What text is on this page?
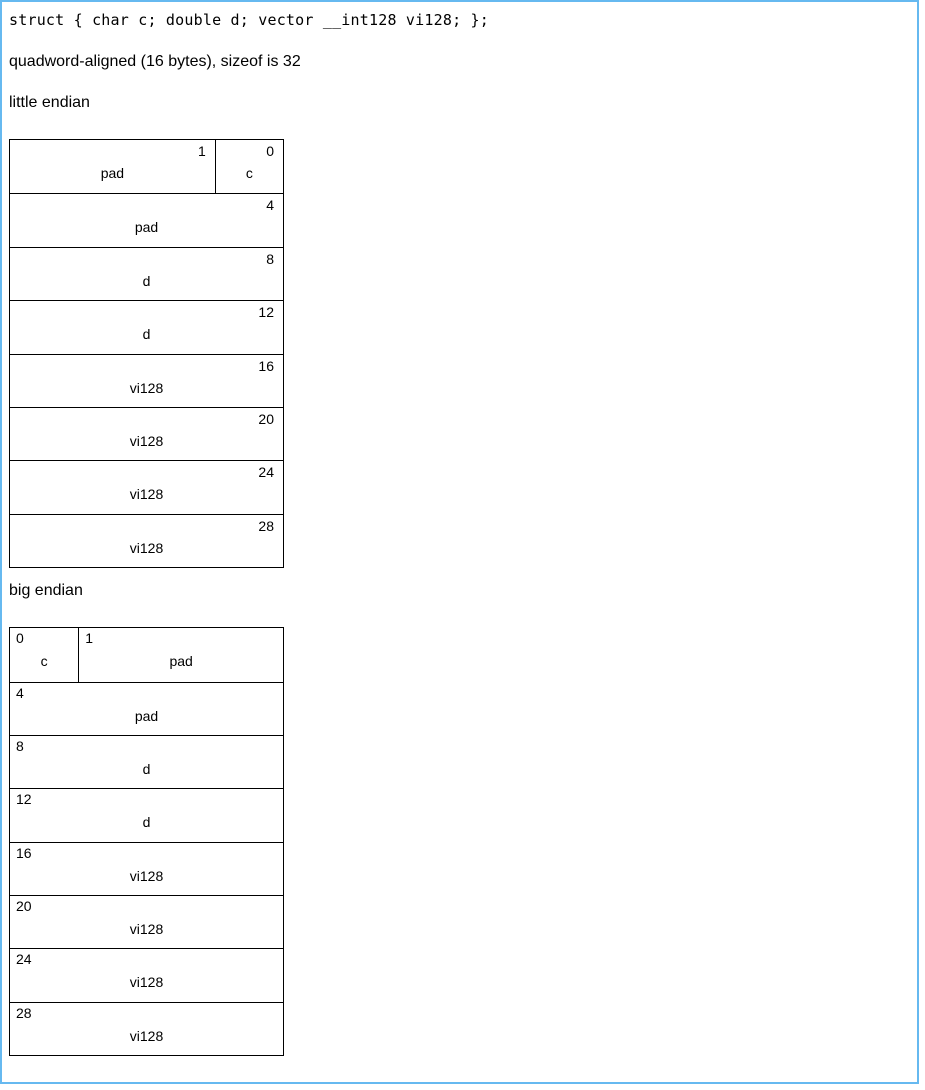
struct { char c; double d; vector __int128 vi128; };
quadword-aligned (16 bytes), sizeof is 32
little endian
1
pad
0
c
4
pad
8
d
12
d
16
vi128
20
vi128
24
vi128
28
vi128
big endian
0
c
1
pad
4
pad
8
d
12
d
16
vi128
20
vi128
24
vi128
28
vi128
